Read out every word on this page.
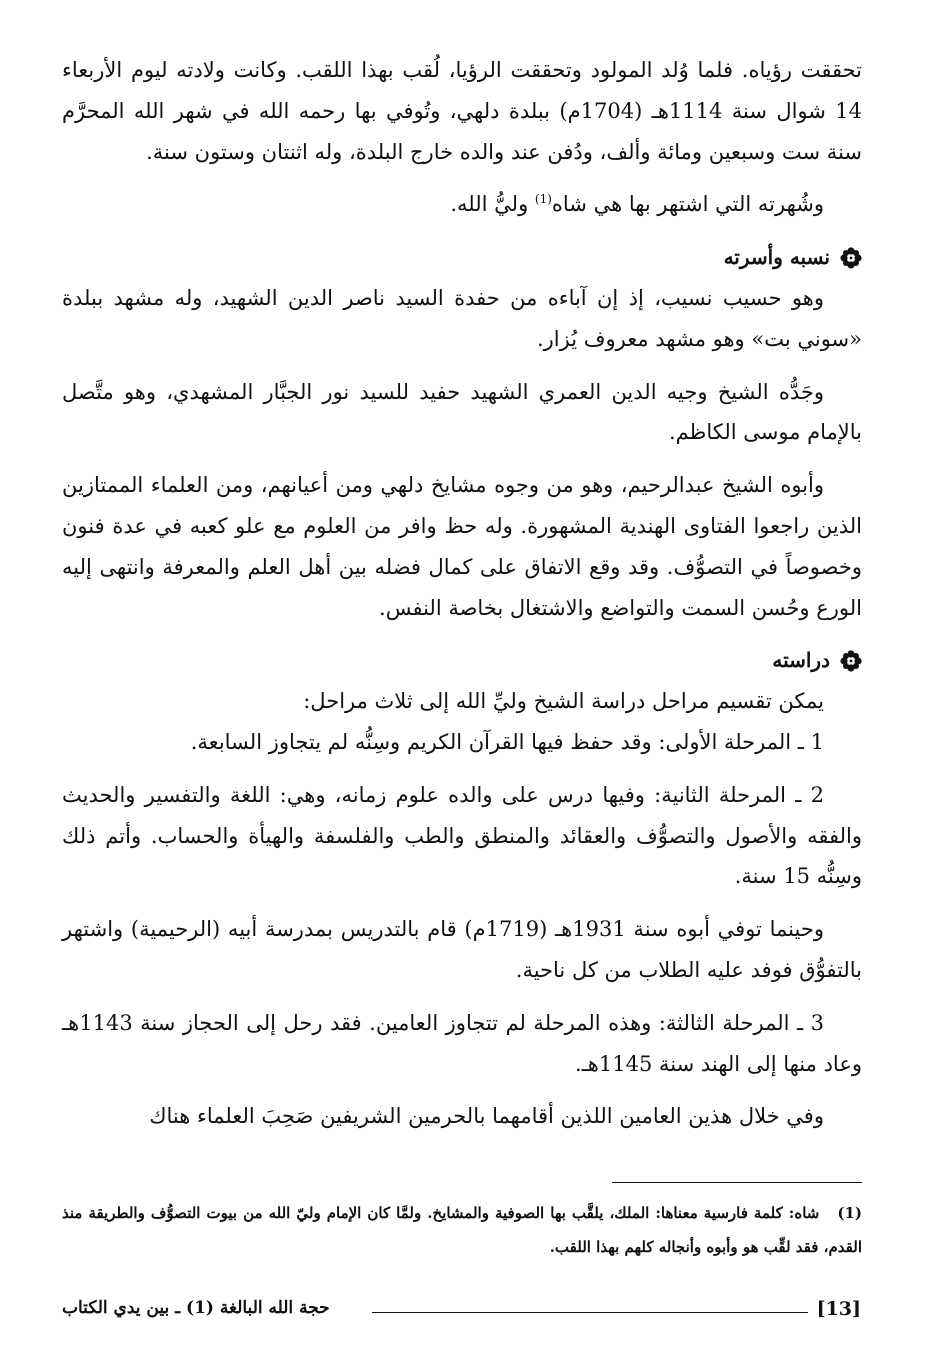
تحققت رؤياه. فلما وُلد المولود وتحققت الرؤيا، لُقب بهذا اللقب. وكانت ولادته ليوم الأربعاء 14 شوال سنة 1114هـ (1704م) ببلدة دلهي، وتُوفي بها رحمه الله في شهر الله المحرَّم سنة ست وسبعين ومائة وألف، ودُفن عند والده خارج البلدة، وله اثنتان وستون سنة.

وشُهرته التي اشتهر بها هي شاه$^{(1)}$ وليُّ الله.

نسبه وأسرته

وهو حسيب نسيب، إذ إن آباءه من حفدة السيد ناصر الدين الشهيد، وله مشهد ببلدة «سوني بت» وهو مشهد معروف يُزار.

وجَدُّه الشيخ وجيه الدين العمري الشهيد حفيد للسيد نور الجبَّار المشهدي، وهو متَّصل بالإمام موسى الكاظم.

وأبوه الشيخ عبدالرحيم، وهو من وجوه مشايخ دلهي ومن أعيانهم، ومن العلماء الممتازين الذين راجعوا الفتاوى الهندية المشهورة. وله حظ وافر من العلوم مع علو كعبه في عدة فنون وخصوصاً في التصوُّف. وقد وقع الاتفاق على كمال فضله بين أهل العلم والمعرفة وانتهى إليه الورع وحُسن السمت والتواضع والاشتغال بخاصة النفس.

دراسته

يمكن تقسيم مراحل دراسة الشيخ وليِّ الله إلى ثلاث مراحل:

1 ـ المرحلة الأولى: وقد حفظ فيها القرآن الكريم وسِنُّه لم يتجاوز السابعة.

2 ـ المرحلة الثانية: وفيها درس على والده علوم زمانه، وهي: اللغة والتفسير والحديث والفقه والأصول والتصوُّف والعقائد والمنطق والطب والفلسفة والهيأة والحساب. وأتم ذلك وسِنُّه 15 سنة.

وحينما توفي أبوه سنة 1931هـ (1719م) قام بالتدريس بمدرسة أبيه (الرحيمية) واشتهر بالتفوُّق فوفد عليه الطلاب من كل ناحية.

3 ـ المرحلة الثالثة: وهذه المرحلة لم تتجاوز العامين. فقد رحل إلى الحجاز سنة 1143هـ وعاد منها إلى الهند سنة 1145هـ.

وفي خلال هذين العامين اللذين أقامهما بالحرمين الشريفين صَحِبَ العلماء هناك

(1)شاه: كلمة فارسية معناها: الملك، يلقَّب بها الصوفية والمشايخ. ولمَّا كان الإمام وليّ الله من بيوت التصوُّف والطريقة منذ القدم، فقد لقِّب هو وأبوه وأنجاله كلهم بهذا اللقب.
[13]
حجة الله البالغة (1) ـ بين يدي الكتاب
